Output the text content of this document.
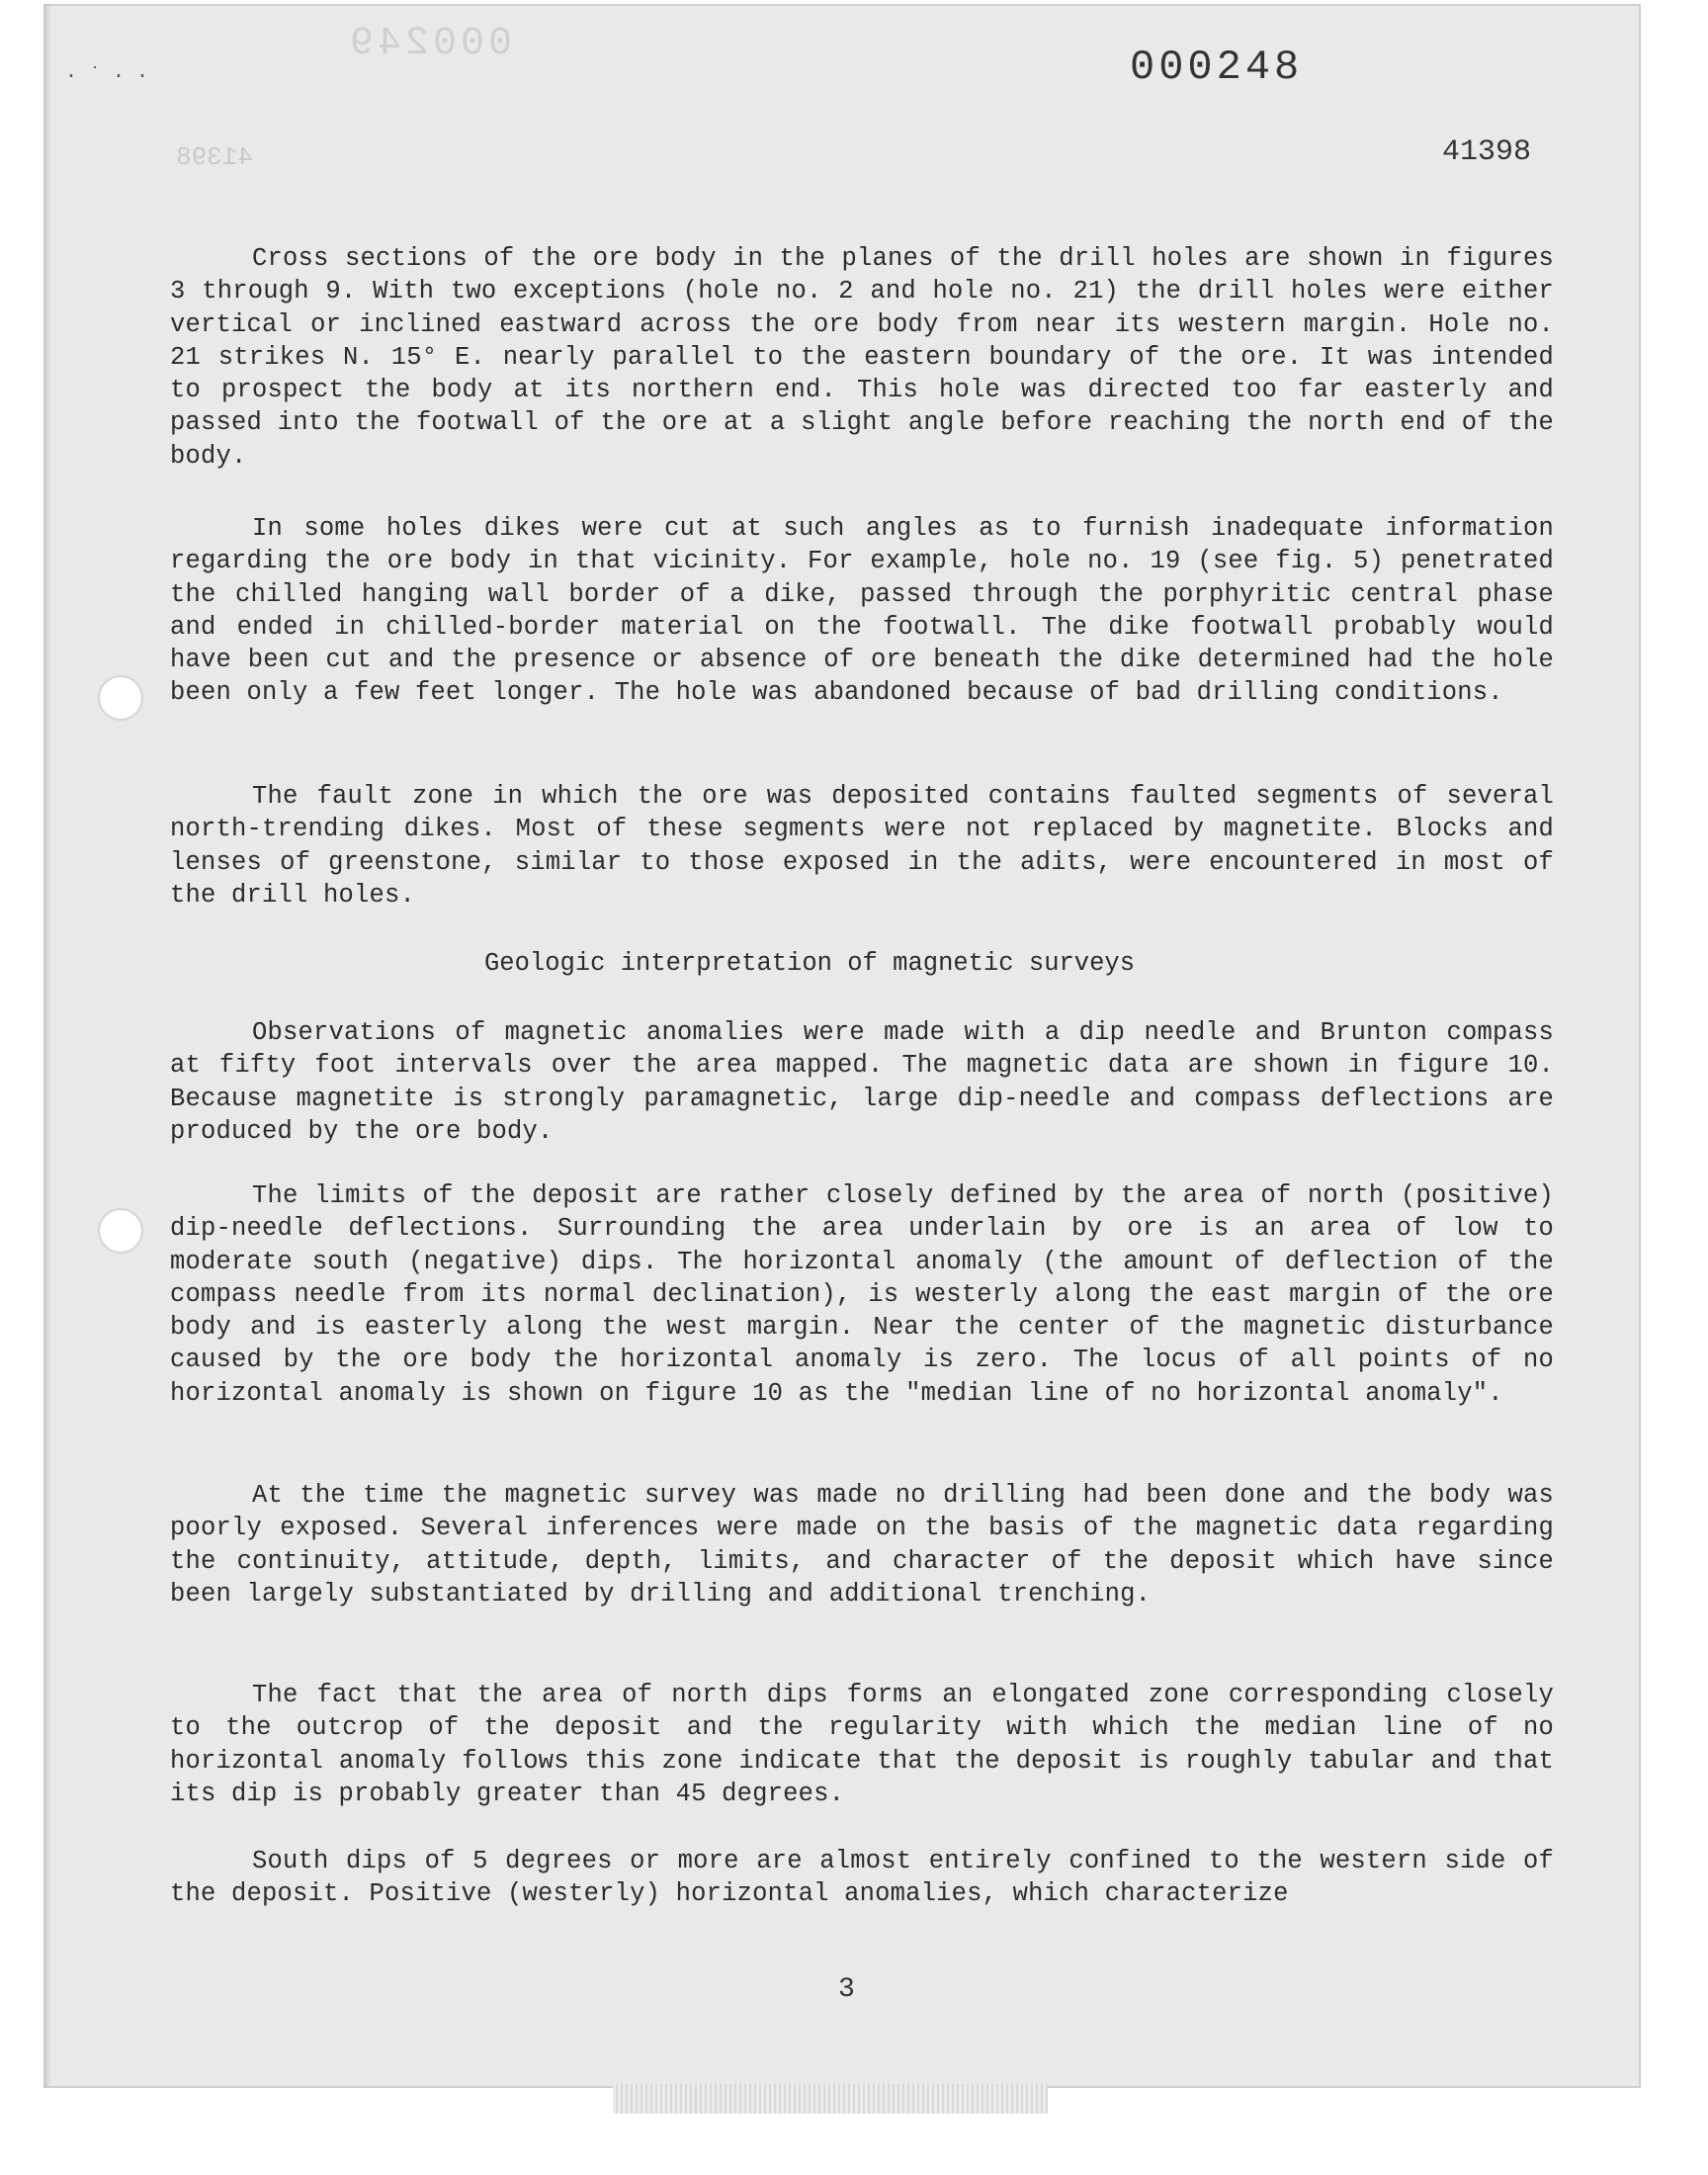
· ˙ · ·
000249
41398
000248
41398

Cross sections of the ore body in the planes of the drill holes are shown in figures 3 through 9. With two exceptions (hole no. 2 and hole no. 21) the drill holes were either vertical or inclined eastward across the ore body from near its western margin. Hole no. 21 strikes N. 15° E. nearly parallel to the eastern boundary of the ore. It was intended to prospect the body at its northern end. This hole was directed too far easterly and passed into the footwall of the ore at a slight angle before reaching the north end of the body.

In some holes dikes were cut at such angles as to furnish inadequate information regarding the ore body in that vicinity. For example, hole no. 19 (see fig. 5) penetrated the chilled hanging wall border of a dike, passed through the porphyritic central phase and ended in chilled-border material on the footwall. The dike footwall probably would have been cut and the presence or absence of ore beneath the dike determined had the hole been only a few feet longer. The hole was abandoned because of bad drilling conditions.

The fault zone in which the ore was deposited contains faulted segments of several north-trending dikes. Most of these segments were not replaced by magnetite. Blocks and lenses of greenstone, similar to those exposed in the adits, were encountered in most of the drill holes.

Geologic interpretation of magnetic surveys

Observations of magnetic anomalies were made with a dip needle and Brunton compass at fifty foot intervals over the area mapped. The magnetic data are shown in figure 10. Because magnetite is strongly paramagnetic, large dip-needle and compass deflections are produced by the ore body.

The limits of the deposit are rather closely defined by the area of north (positive) dip-needle deflections. Surrounding the area underlain by ore is an area of low to moderate south (negative) dips. The horizontal anomaly (the amount of deflection of the compass needle from its normal declination), is westerly along the east margin of the ore body and is easterly along the west margin. Near the center of the magnetic disturbance caused by the ore body the horizontal anomaly is zero. The locus of all points of no horizontal anomaly is shown on figure 10 as the "median line of no horizontal anomaly".

At the time the magnetic survey was made no drilling had been done and the body was poorly exposed. Several inferences were made on the basis of the magnetic data regarding the continuity, attitude, depth, limits, and character of the deposit which have since been largely substantiated by drilling and additional trenching.

The fact that the area of north dips forms an elongated zone corresponding closely to the outcrop of the deposit and the regularity with which the median line of no horizontal anomaly follows this zone indicate that the deposit is roughly tabular and that its dip is probably greater than 45 degrees.

South dips of 5 degrees or more are almost entirely confined to the western side of the deposit. Positive (westerly) horizontal anomalies, which characterize

3
